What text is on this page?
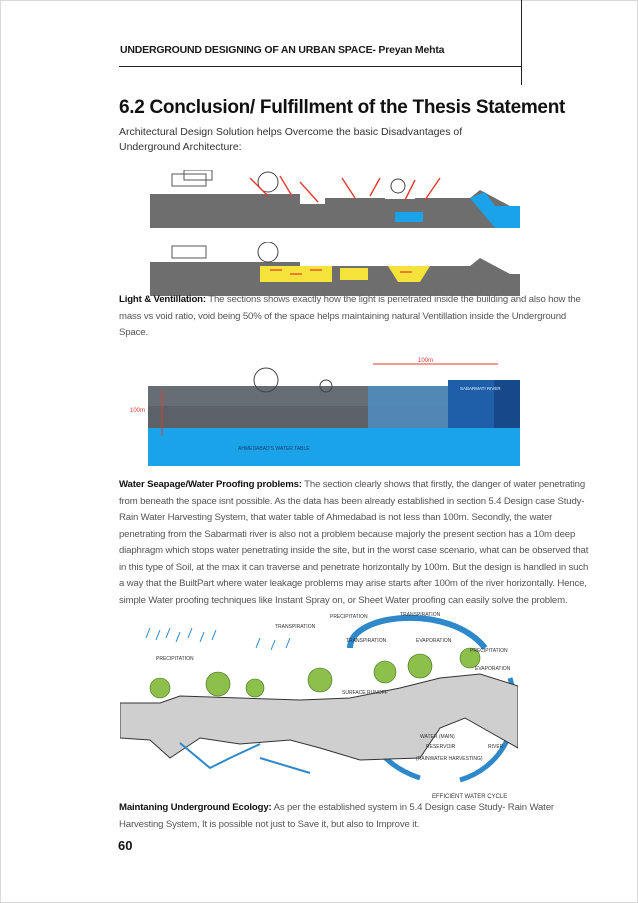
UNDERGROUND DESIGNING OF AN URBAN SPACE- Preyan Mehta
6.2 Conclusion/ Fulfillment of the Thesis Statement
Architectural Design Solution helps Overcome the basic Disadvantages of Underground Architecture:
Light & Ventillation: The sections shows exactly how the light is penetrated inside the building and also how the mass vs void ratio, void being 50% of the space helps maintaining natural Ventillation inside the Underground Space.
100m
100m
AHMEDABAD'S WATER TABLE
SABARMATI RIVER
Water Seapage/Water Proofing problems: The section clearly shows that firstly, the danger of water penetrating from beneath the space isnt possible. As the data has been already established in section 5.4 Design case Study- Rain Water Harvesting System, that water table of Ahmedabad is not less than 100m. Secondly, the water penetrating from the Sabarmati river is also not a problem because majorly the present section has a 10m deep diaphragm which stops water penetrating inside the site, but in the worst case scenario, what can be observed that in this type of Soil, at the max it can traverse and penetrate horizontally by 100m. But the design is handled in such a way that the BuiltPart where water leakage problems may arise starts after 100m of the river horizontally. Hence, simple Water proofing techniques like Instant Spray on, or Sheet Water proofing can easily solve the problem.
PRECIPITATION
TRANSPIRATION
PRECIPITATION	TRANSPIRATION
TRANSPIRATION	EVAPORATION
PRECIPITATION
EVAPORATION
SURFACE RUNOFF
WATER (MAIN)
RESERVOIR
(RAINWATER HARVESTING)
RIVER
EFFICIENT WATER CYCLE
Maintaning Underground Ecology: As per the established system in 5.4 Design case Study- Rain Water Harvesting System, It is possible not just to Save it, but also to Improve it.
60
